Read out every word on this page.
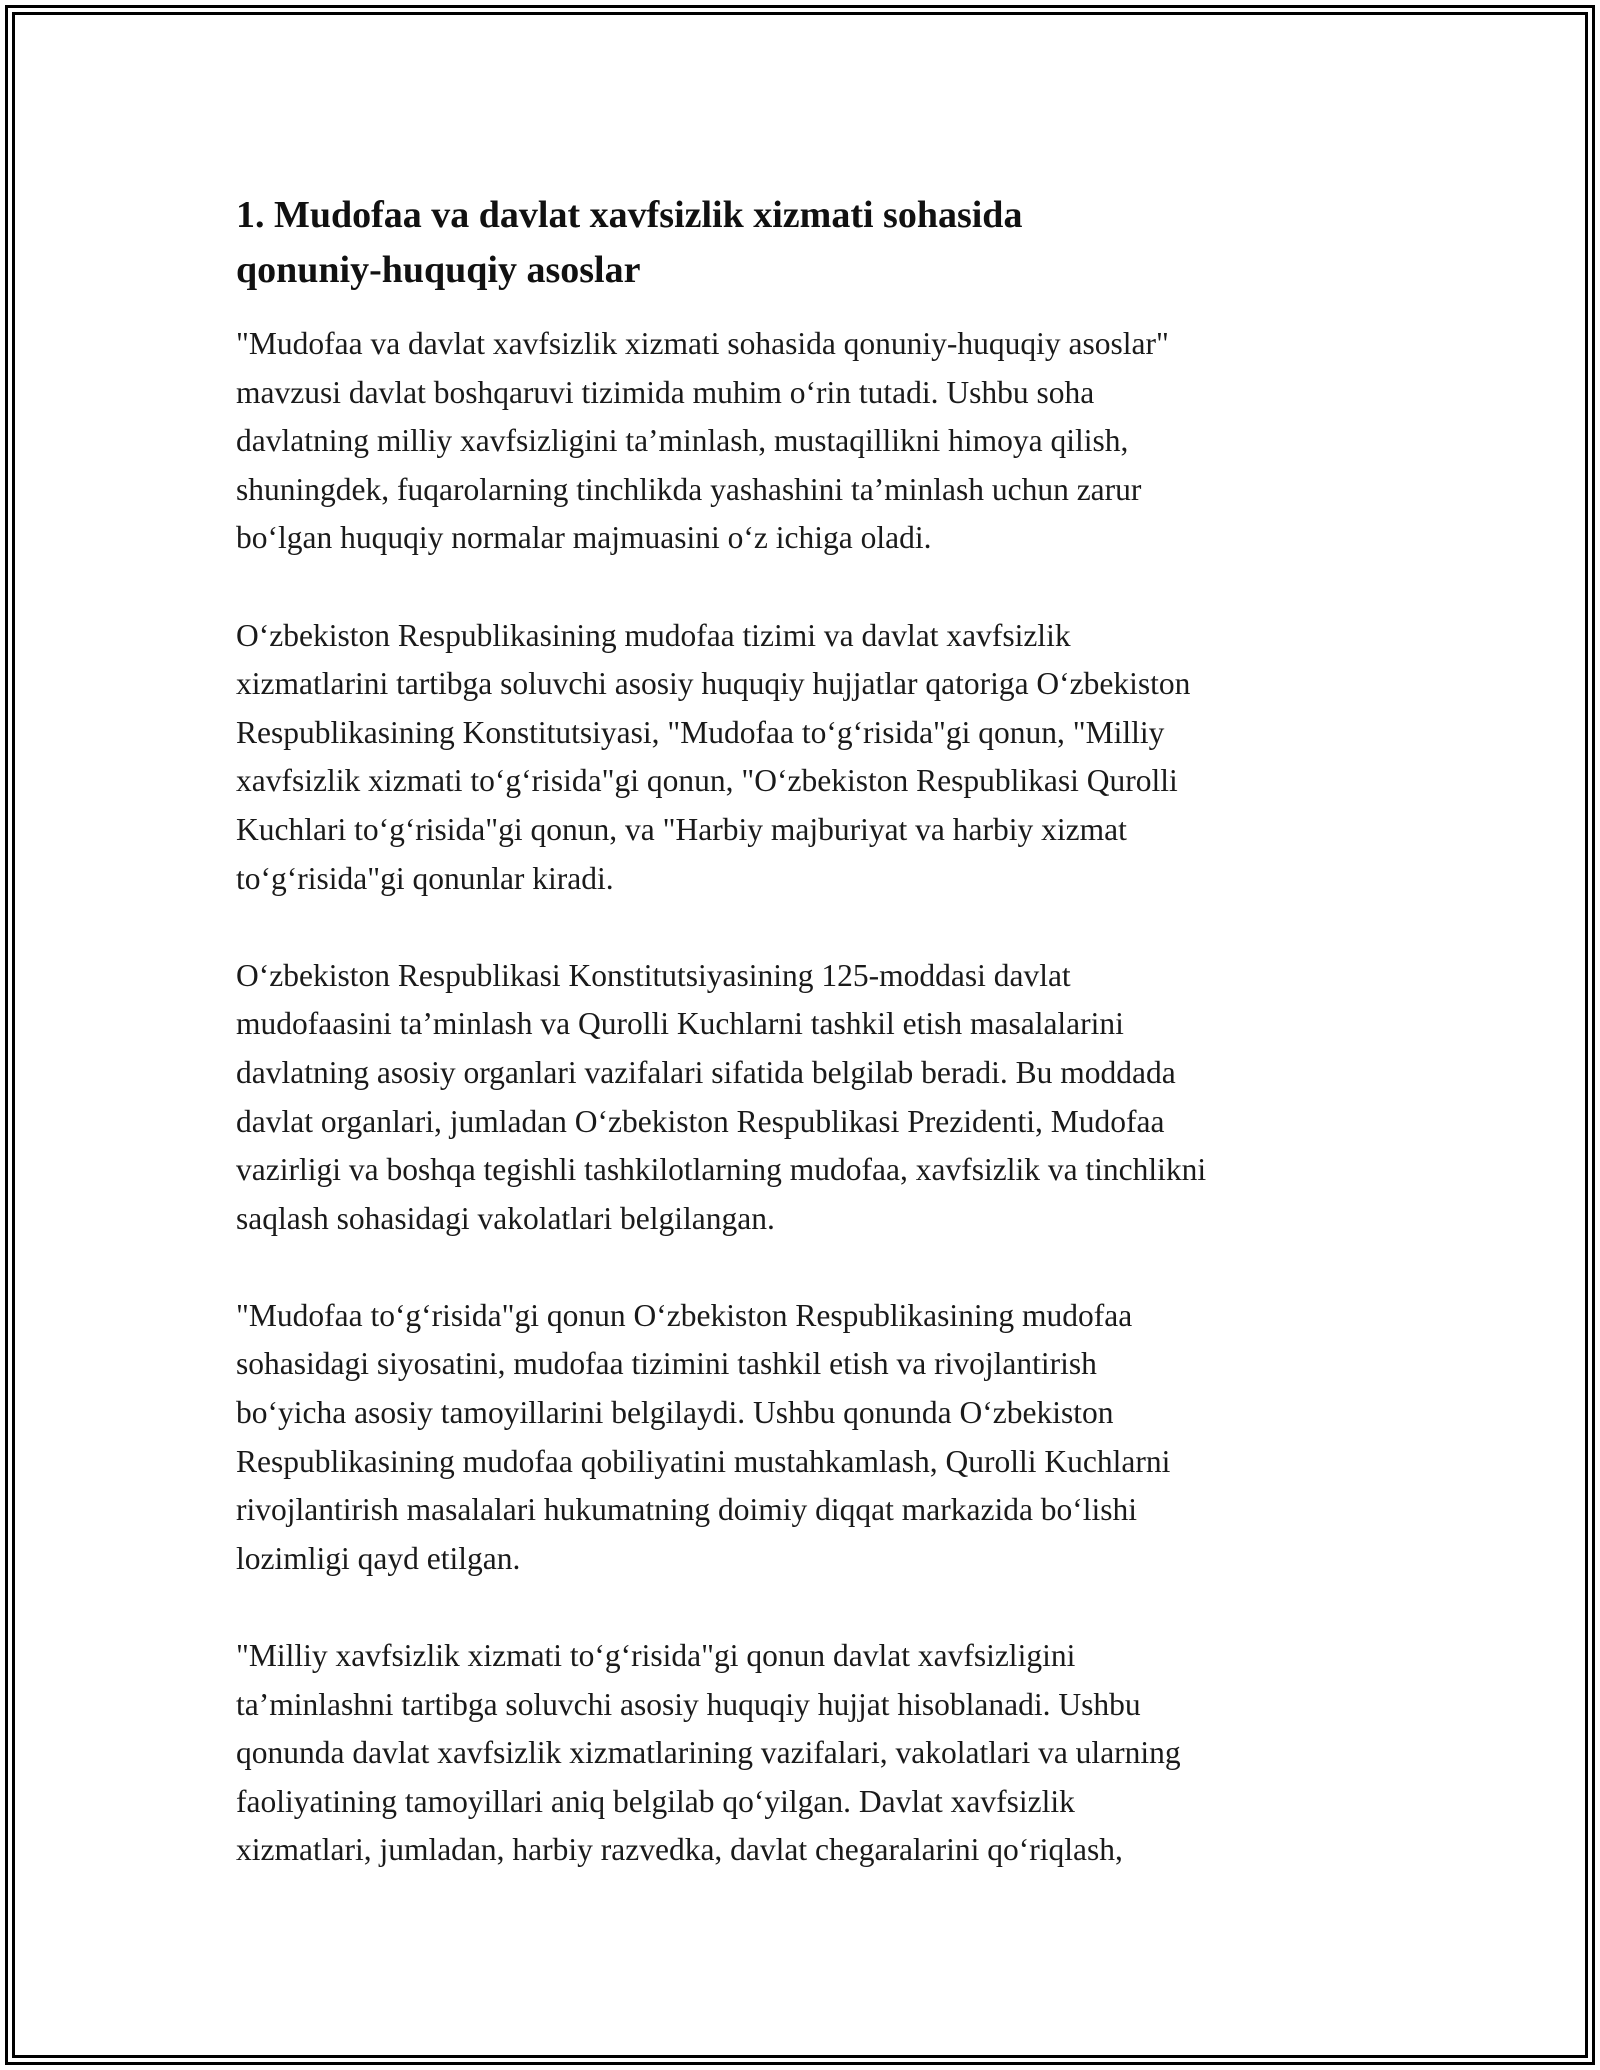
1. Mudofaa va davlat xavfsizlik xizmati sohasida
qonuniy-huquqiy asoslar

"Mudofaa va davlat xavfsizlik xizmati sohasida qonuniy-huquqiy asoslar"
mavzusi davlat boshqaruvi tizimida muhim o‘rin tutadi. Ushbu soha
davlatning milliy xavfsizligini ta’minlash, mustaqillikni himoya qilish,
shuningdek, fuqarolarning tinchlikda yashashini ta’minlash uchun zarur
bo‘lgan huquqiy normalar majmuasini o‘z ichiga oladi.

O‘zbekiston Respublikasining mudofaa tizimi va davlat xavfsizlik
xizmatlarini tartibga soluvchi asosiy huquqiy hujjatlar qatoriga O‘zbekiston
Respublikasining Konstitutsiyasi, "Mudofaa to‘g‘risida"gi qonun, "Milliy
xavfsizlik xizmati to‘g‘risida"gi qonun, "O‘zbekiston Respublikasi Qurolli
Kuchlari to‘g‘risida"gi qonun, va "Harbiy majburiyat va harbiy xizmat
to‘g‘risida"gi qonunlar kiradi.

O‘zbekiston Respublikasi Konstitutsiyasining 125-moddasi davlat
mudofaasini ta’minlash va Qurolli Kuchlarni tashkil etish masalalarini
davlatning asosiy organlari vazifalari sifatida belgilab beradi. Bu moddada
davlat organlari, jumladan O‘zbekiston Respublikasi Prezidenti, Mudofaa
vazirligi va boshqa tegishli tashkilotlarning mudofaa, xavfsizlik va tinchlikni
saqlash sohasidagi vakolatlari belgilangan.

"Mudofaa to‘g‘risida"gi qonun O‘zbekiston Respublikasining mudofaa
sohasidagi siyosatini, mudofaa tizimini tashkil etish va rivojlantirish
bo‘yicha asosiy tamoyillarini belgilaydi. Ushbu qonunda O‘zbekiston
Respublikasining mudofaa qobiliyatini mustahkamlash, Qurolli Kuchlarni
rivojlantirish masalalari hukumatning doimiy diqqat markazida bo‘lishi
lozimligi qayd etilgan.

"Milliy xavfsizlik xizmati to‘g‘risida"gi qonun davlat xavfsizligini
ta’minlashni tartibga soluvchi asosiy huquqiy hujjat hisoblanadi. Ushbu
qonunda davlat xavfsizlik xizmatlarining vazifalari, vakolatlari va ularning
faoliyatining tamoyillari aniq belgilab qo‘yilgan. Davlat xavfsizlik
xizmatlari, jumladan, harbiy razvedka, davlat chegaralarini qo‘riqlash,
